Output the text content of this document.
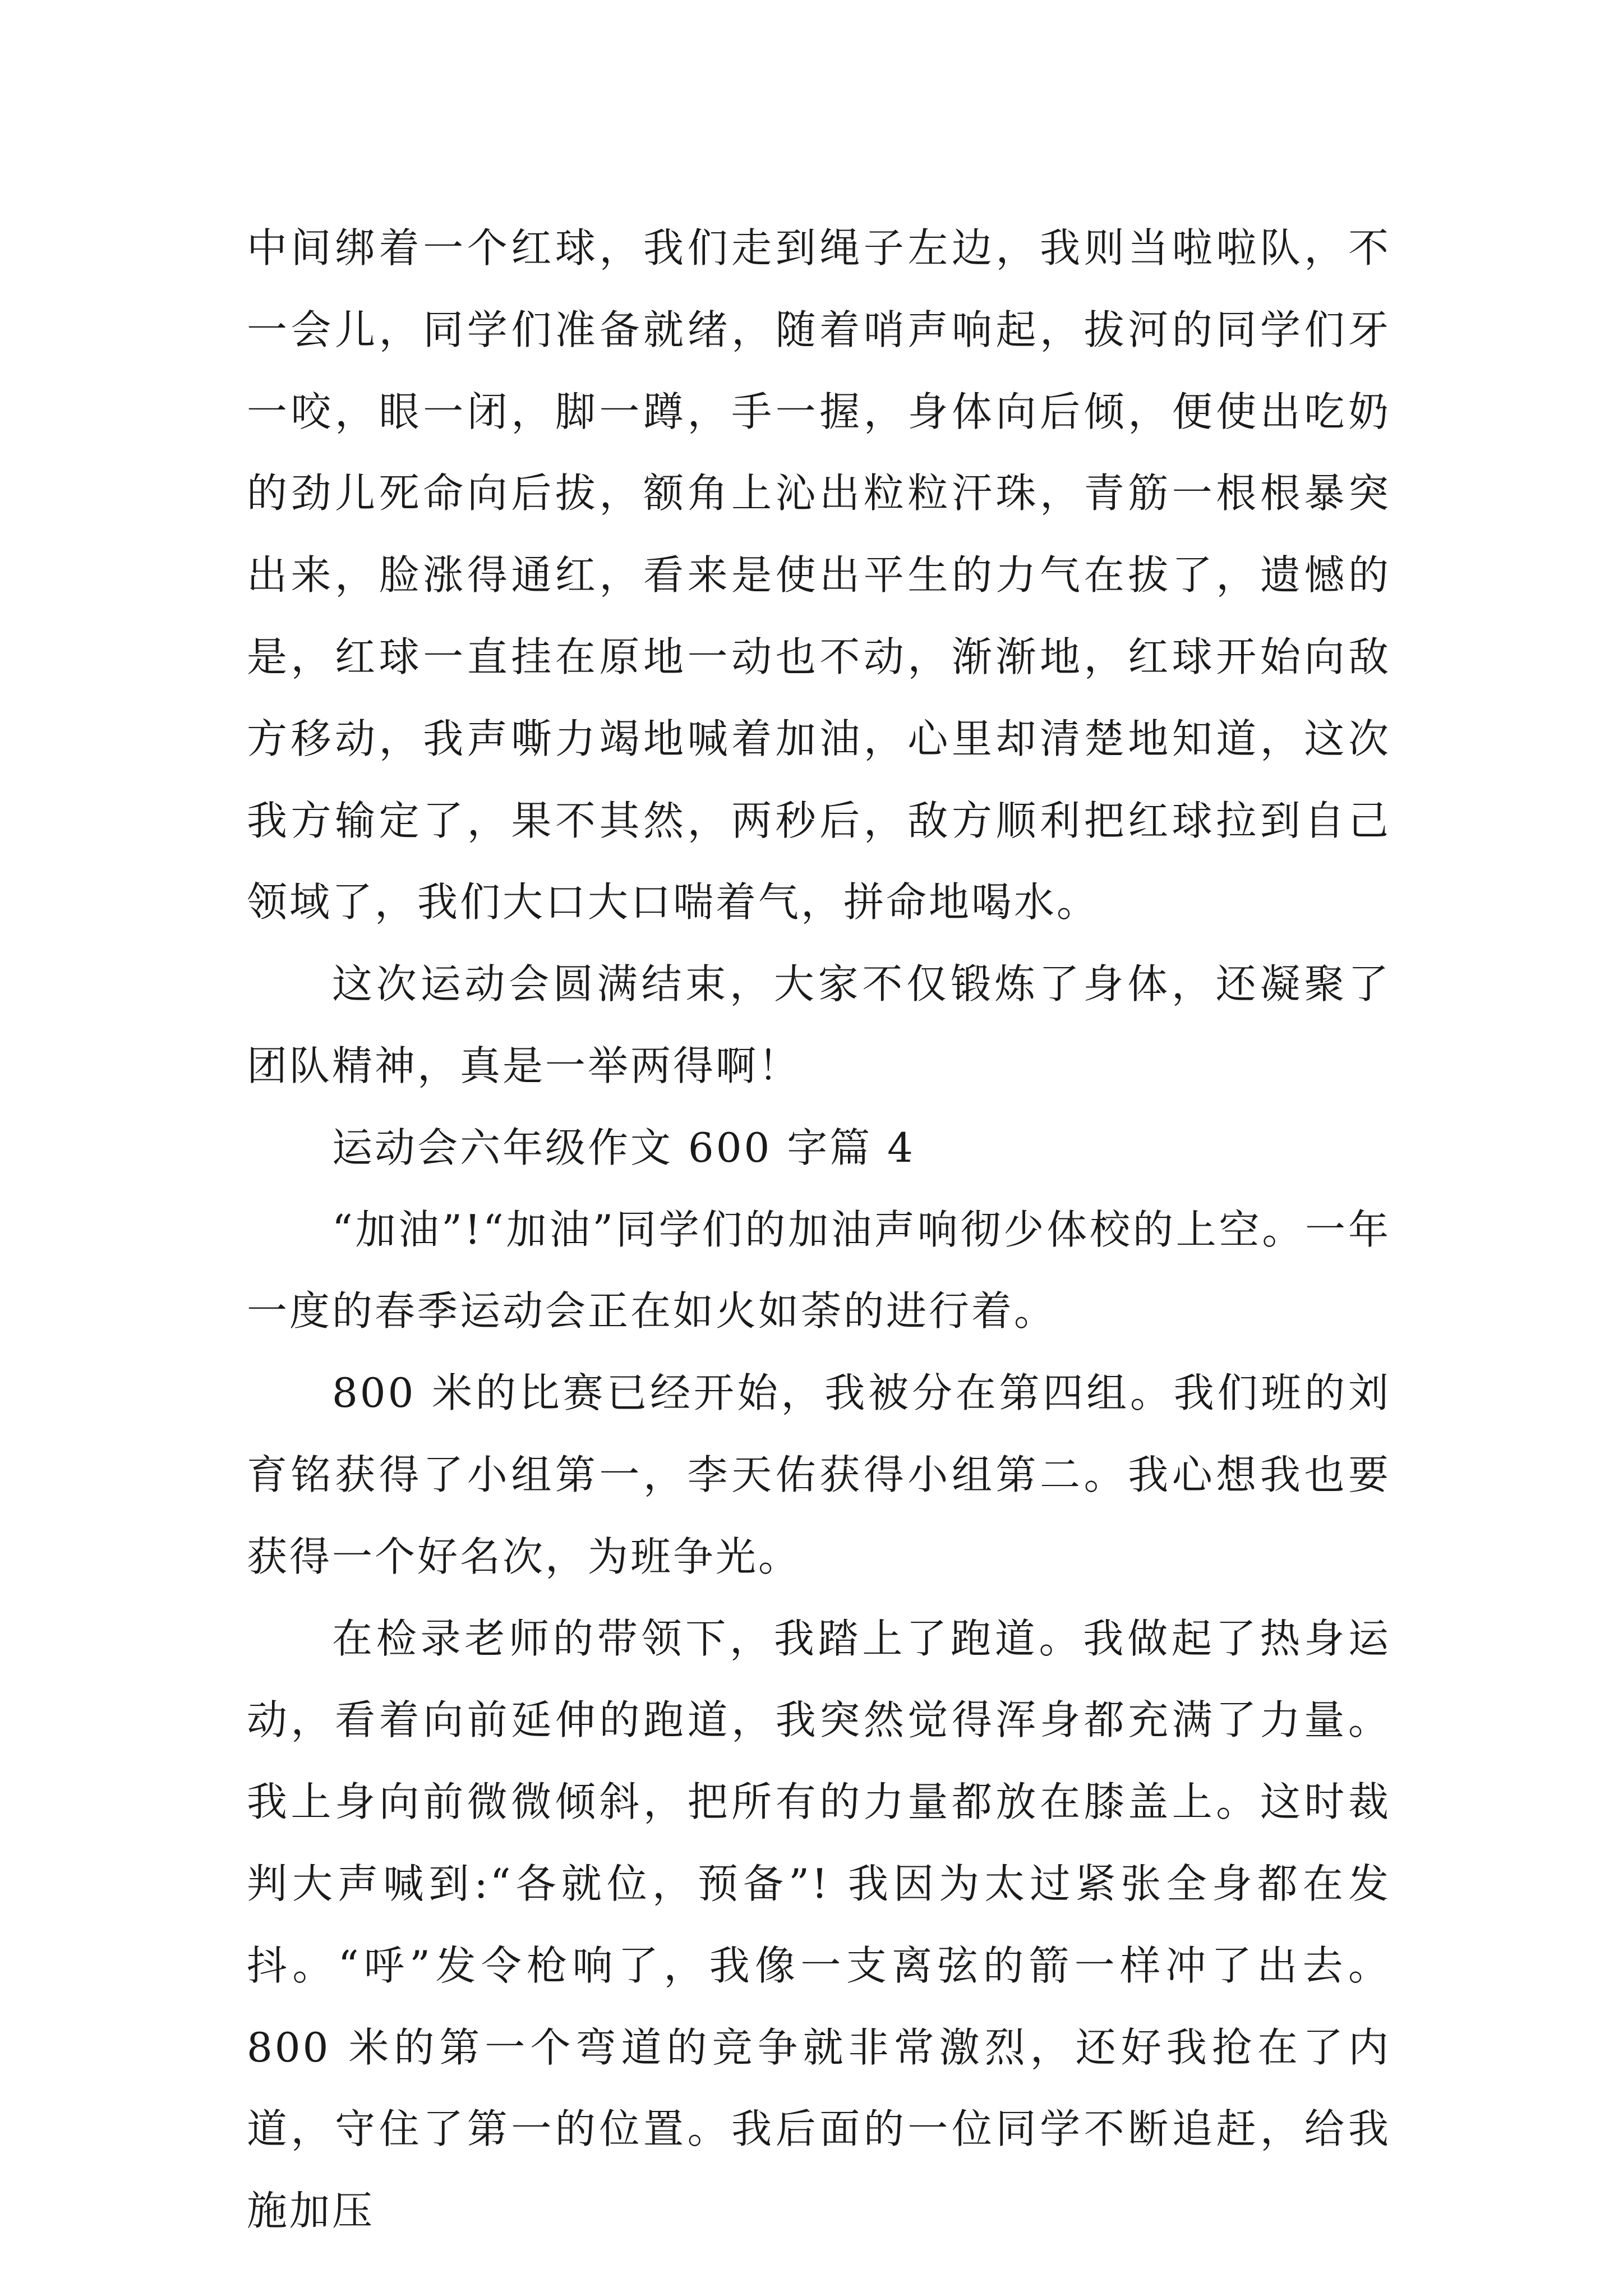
中间绑着一个红球，我们走到绳子左边，我则当啦啦队，不一会儿，同学们准备就绪，随着哨声响起，拔河的同学们牙一咬，眼一闭，脚一蹲，手一握，身体向后倾，便使出吃奶的劲儿死命向后拔，额角上沁出粒粒汗珠，青筋一根根暴突出来，脸涨得通红，看来是使出平生的力气在拔了，遗憾的是，红球一直挂在原地一动也不动，渐渐地，红球开始向敌方移动，我声嘶力竭地喊着加油，心里却清楚地知道，这次我方输定了，果不其然，两秒后，敌方顺利把红球拉到自己领域了，我们大口大口喘着气，拼命地喝水。

这次运动会圆满结束，大家不仅锻炼了身体，还凝聚了团队精神，真是一举两得啊！

运动会六年级作文 600 字篇 4

“加油”!“加油”同学们的加油声响彻少体校的上空。一年一度的春季运动会正在如火如荼的进行着。

800 米的比赛已经开始，我被分在第四组。我们班的刘育铭获得了小组第一，李天佑获得小组第二。我心想我也要获得一个好名次，为班争光。

在检录老师的带领下，我踏上了跑道。我做起了热身运动，看着向前延伸的跑道，我突然觉得浑身都充满了力量。我上身向前微微倾斜，把所有的力量都放在膝盖上。这时裁判大声喊到:“各就位，预备”! 我因为太过紧张全身都在发抖。“呼”发令枪响了，我像一支离弦的箭一样冲了出去。800 米的第一个弯道的竞争就非常激烈，还好我抢在了内道，守住了第一的位置。我后面的一位同学不断追赶，给我施加压
